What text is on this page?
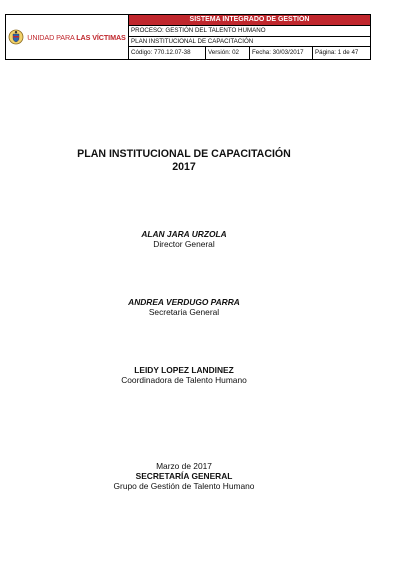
UNIDAD PARA LAS VÍCTIMAS
SISTEMA INTEGRADO DE GESTIÓN
PROCESO: GESTIÓN DEL TALENTO HUMANO
PLAN INSTITUCIONAL DE CAPACITACIÓN
Código: 770.12.07-38	Versión: 02	Fecha: 30/03/2017	Página: 1 de 47
PLAN INSTITUCIONAL DE CAPACITACIÓN
2017
ALAN JARA URZOLA
Director General
ANDREA VERDUGO PARRA
Secretaria General
LEIDY LOPEZ LANDINEZ
Coordinadora de Talento Humano
Marzo de 2017
SECRETARÍA GENERAL
Grupo de Gestión de Talento Humano
